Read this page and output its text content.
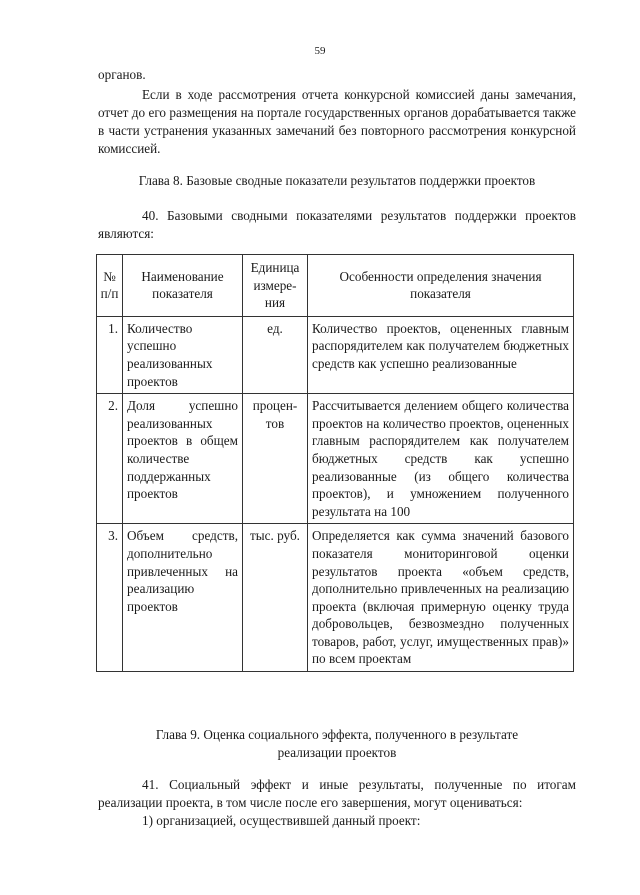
59
органов.
Если в ходе рассмотрения отчета конкурсной комиссией даны замечания, отчет до его размещения на портале государственных органов дорабатывается также в части устранения указанных замечаний без повторного рассмотрения конкурсной комиссией.
Глава 8. Базовые сводные показатели результатов поддержки проектов
40. Базовыми сводными показателями результатов поддержки проектов являются:
№ п/п	Наименование показателя	Единица измере-ния	Особенности определения значения показателя
1.	Количество успешно реализованных проектов	ед.	Количество проектов, оцененных главным распорядителем как получателем бюджетных средств как успешно реализованные
2.	Доля успешно реализованных проектов в общем количестве поддержанных проектов	процен-тов	Рассчитывается делением общего количества проектов на количество проектов, оцененных главным распорядителем как получателем бюджетных средств как успешно реализованные (из общего количества проектов), и умножением полученного результата на 100
3.	Объем средств, дополнительно привлеченных на реализацию проектов	тыс. руб.	Определяется как сумма значений базового показателя мониторинговой оценки результатов проекта «объем средств, дополнительно привлеченных на реализацию проекта (включая примерную оценку труда добровольцев, безвозмездно полученных товаров, работ, услуг, имущественных прав)» по всем проектам
Глава 9. Оценка социального эффекта, полученного в результате
реализации проектов
41. Социальный эффект и иные результаты, полученные по итогам реализации проекта, в том числе после его завершения, могут оцениваться:
1) организацией, осуществившей данный проект:
